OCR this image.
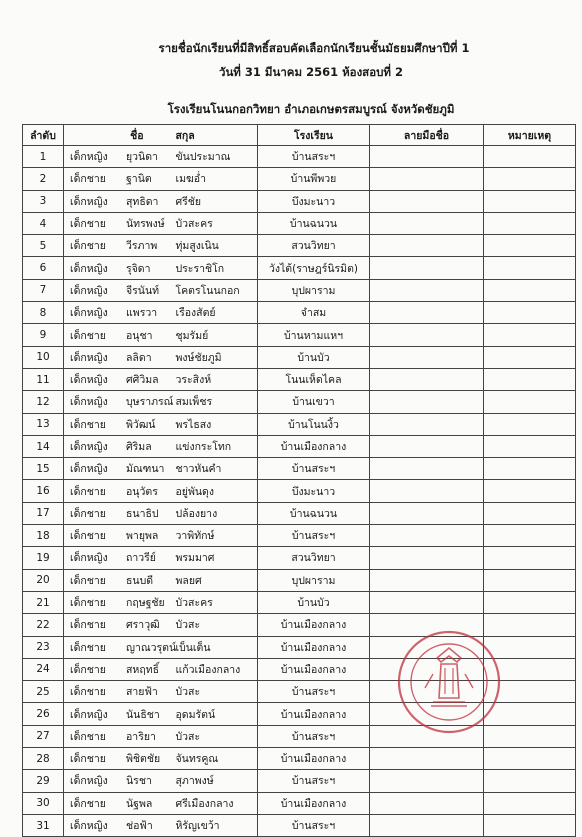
รายชื่อนักเรียนที่มีสิทธิ์สอบคัดเลือกนักเรียนชั้นมัธยมศึกษาปีที่ 1
วันที่ 31 มีนาคม 2561 ห้องสอบที่ 2
โรงเรียนโนนกอกวิทยา อำเภอเกษตรสมบูรณ์ จังหวัดชัยภูมิ
ลำดับ	ชื่อ	สกุล	โรงเรียน	ลายมือชื่อ	หมายเหตุ
1	เด็กหญิง ยุวนิดา	ขันประมาณ	บ้านสระฯ		
2	เด็กชาย ฐานิต	เมฆอ่ำ	บ้านพีพวย		
3	เด็กหญิง สุทธิดา	ศรีชัย	บึงมะนาว		
4	เด็กชาย นัทรพงษ์	บัวสะคร	บ้านฉนวน		
5	เด็กชาย วีรภาพ	ทุ่มสูงเนิน	สวนวิทยา		
6	เด็กหญิง รุจิดา	ประราชิโก	วังไต้(ราษฎร์นิรมิต)		
7	เด็กหญิง จีรนันท์	โคตรโนนกอก	บุปผาราม		
8	เด็กหญิง แพรวา	เรืองสัตย์	จำสม		
9	เด็กชาย อนุชา	ชุมรัมย์	บ้านหามแหฯ		
10	เด็กหญิง ลลิดา	พงษ์ชัยภูมิ	บ้านบัว		
11	เด็กหญิง ศศิวิมล	วระสิงห์	โนนเห็ดไคล		
12	เด็กหญิง บุษราภรณ์	สมเพ็ชร	บ้านเขวา		
13	เด็กชาย พิวัฒน์	พรไธสง	บ้านโนนงิ้ว		
14	เด็กหญิง ศิริมล	แข่งกระโทก	บ้านเมืองกลาง		
15	เด็กหญิง มัณฑนา	ชาวหันคำ	บ้านสระฯ		
16	เด็กชาย อนุวัตร	อยู่พันดุง	บึงมะนาว		
17	เด็กชาย ธนาธิป	ปล้องยาง	บ้านฉนวน		
18	เด็กชาย พายุพล	วาพิทักษ์	บ้านสระฯ		
19	เด็กหญิง ถาวรีย์	พรมมาศ	สวนวิทยา		
20	เด็กชาย ธนบดี	พลยศ	บุปผาราม		
21	เด็กชาย กฤษฐชัย	บัวสะคร	บ้านบัว		
22	เด็กชาย ศราวุฒิ	บัวสะ	บ้านเมืองกลาง		
23	เด็กชาย ญาณวรุตน์	เบ็นเต็น	บ้านเมืองกลาง		
24	เด็กชาย สหฤทธิ์	แก้วเมืองกลาง	บ้านเมืองกลาง		
25	เด็กชาย สายฟ้า	บัวสะ	บ้านสระฯ		
26	เด็กหญิง นันธิชา	อุดมรัตน์	บ้านเมืองกลาง		
27	เด็กชาย อาริยา	บัวสะ	บ้านสระฯ		
28	เด็กชาย พิชิตชัย	จันทรคูณ	บ้านเมืองกลาง		
29	เด็กหญิง นิรชา	สุภาพงษ์	บ้านสระฯ		
30	เด็กชาย นัฐพล	ศรีเมืองกลาง	บ้านเมืองกลาง		
31	เด็กหญิง ช่อฟ้า	หิรัญเขว้า	บ้านสระฯ		
